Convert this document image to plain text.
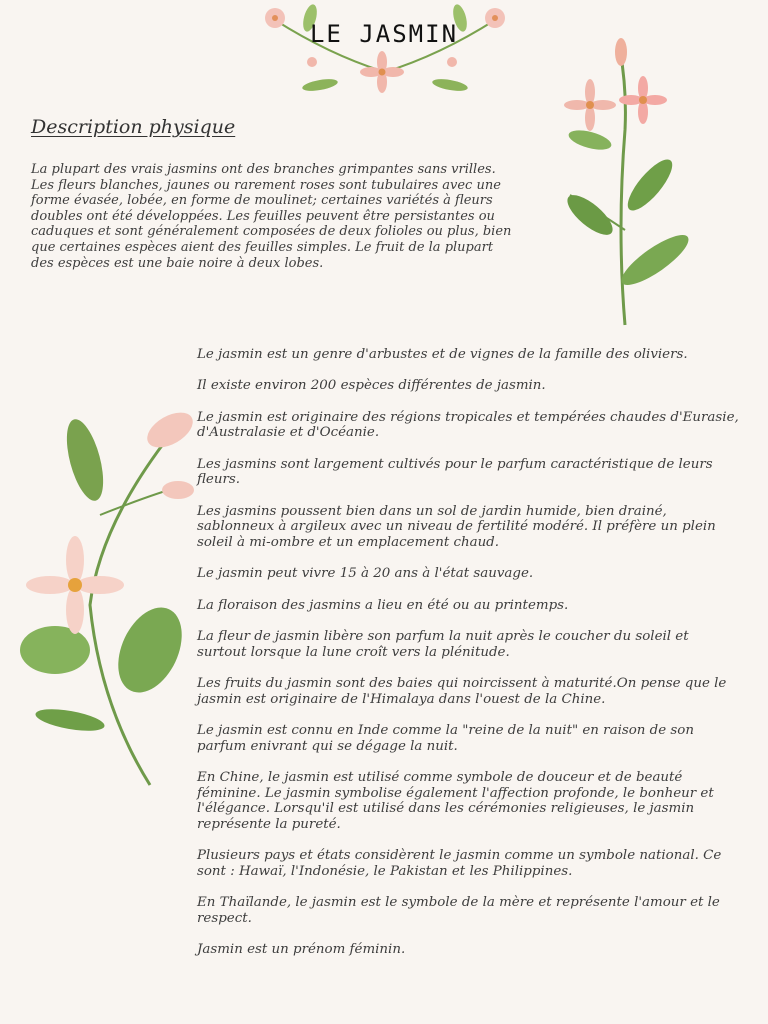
LE JASMIN
Description physique

La plupart des vrais jasmins ont des branches grimpantes sans vrilles. Les fleurs blanches, jaunes ou rarement roses sont tubulaires avec une forme évasée, lobée, en forme de moulinet; certaines variétés à fleurs doubles ont été développées. Les feuilles peuvent être persistantes ou caduques et sont généralement composées de deux folioles ou plus, bien que certaines espèces aient des feuilles simples. Le fruit de la plupart des espèces est une baie noire à deux lobes.

Le jasmin est un genre d'arbustes et de vignes de la famille des oliviers.
Il existe environ 200 espèces différentes de jasmin.
Le jasmin est originaire des régions tropicales et tempérées chaudes d'Eurasie, d'Australasie et d'Océanie.
Les jasmins sont largement cultivés pour le parfum caractéristique de leurs fleurs.
Les jasmins poussent bien dans un sol de jardin humide, bien drainé, sablonneux à argileux avec un niveau de fertilité modéré. Il préfère un plein soleil à mi-ombre et un emplacement chaud.
Le jasmin peut vivre 15 à 20 ans à l'état sauvage.
La floraison des jasmins a lieu en été ou au printemps.
La fleur de jasmin libère son parfum la nuit après le coucher du soleil et surtout lorsque la lune croît vers la plénitude.
Les fruits du jasmin sont des baies qui noircissent à maturité.On pense que le jasmin est originaire de l'Himalaya dans l'ouest de la Chine.
Le jasmin est connu en Inde comme la "reine de la nuit" en raison de son parfum enivrant qui se dégage la nuit.
En Chine, le jasmin est utilisé comme symbole de douceur et de beauté féminine. Le jasmin symbolise également l'affection profonde, le bonheur et l'élégance. Lorsqu'il est utilisé dans les cérémonies religieuses, le jasmin représente la pureté.
Plusieurs pays et états considèrent le jasmin comme un symbole national. Ce sont : Hawaï, l'Indonésie, le Pakistan et les Philippines.
En Thaïlande, le jasmin est le symbole de la mère et représente l'amour et le respect.
Jasmin est un prénom féminin.
